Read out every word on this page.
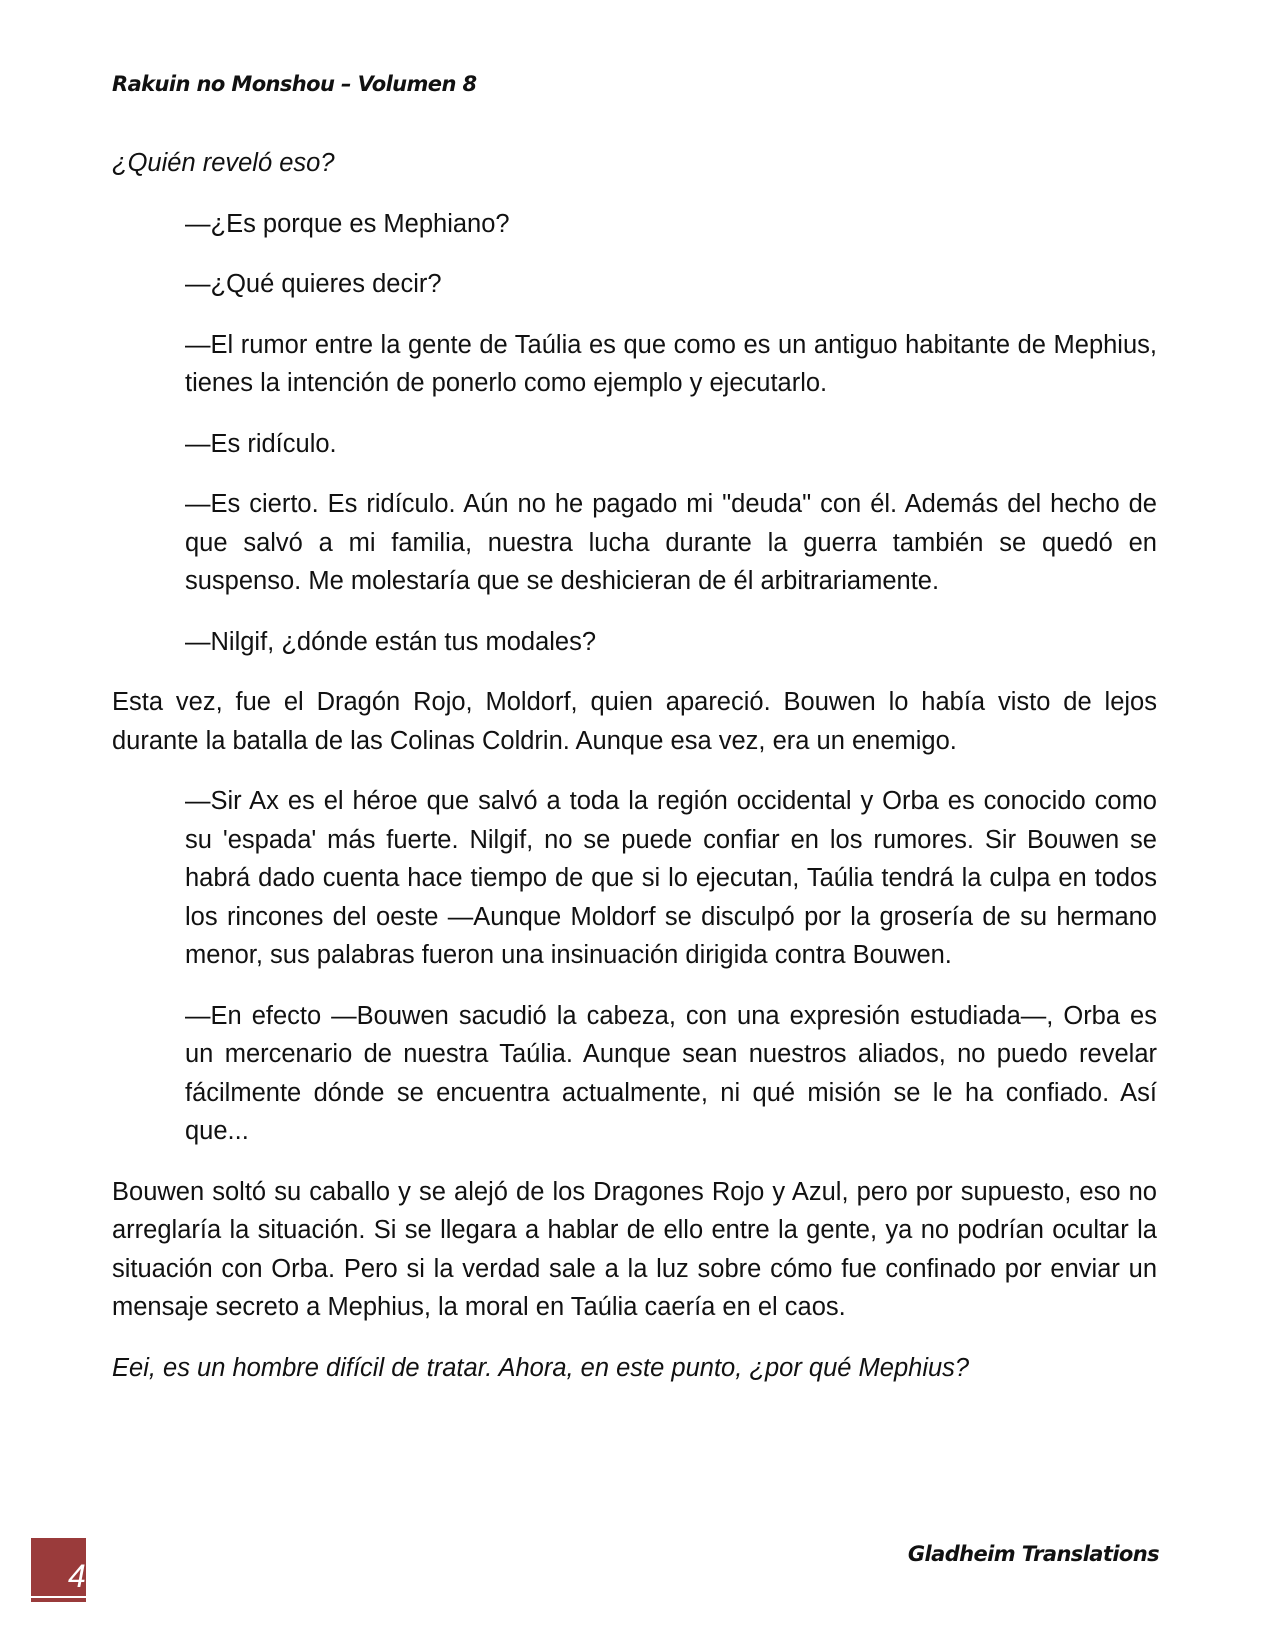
Rakuin no Monshou – Volumen 8

¿Quién reveló eso?

—¿Es porque es Mephiano?

—¿Qué quieres decir?

—El rumor entre la gente de Taúlia es que como es un antiguo habitante de Mephius, tienes la intención de ponerlo como ejemplo y ejecutarlo.

—Es ridículo.

—Es cierto. Es ridículo. Aún no he pagado mi "deuda" con él. Además del hecho de que salvó a mi familia, nuestra lucha durante la guerra también se quedó en suspenso. Me molestaría que se deshicieran de él arbitrariamente.

—Nilgif, ¿dónde están tus modales?

Esta vez, fue el Dragón Rojo, Moldorf, quien apareció. Bouwen lo había visto de lejos durante la batalla de las Colinas Coldrin. Aunque esa vez, era un enemigo.

—Sir Ax es el héroe que salvó a toda la región occidental y Orba es conocido como su 'espada' más fuerte. Nilgif, no se puede confiar en los rumores. Sir Bouwen se habrá dado cuenta hace tiempo de que si lo ejecutan, Taúlia tendrá la culpa en todos los rincones del oeste —Aunque Moldorf se disculpó por la grosería de su hermano menor, sus palabras fueron una insinuación dirigida contra Bouwen.

—En efecto —Bouwen sacudió la cabeza, con una expresión estudiada—, Orba es un mercenario de nuestra Taúlia. Aunque sean nuestros aliados, no puedo revelar fácilmente dónde se encuentra actualmente, ni qué misión se le ha confiado. Así que...

Bouwen soltó su caballo y se alejó de los Dragones Rojo y Azul, pero por supuesto, eso no arreglaría la situación. Si se llegara a hablar de ello entre la gente, ya no podrían ocultar la situación con Orba. Pero si la verdad sale a la luz sobre cómo fue confinado por enviar un mensaje secreto a Mephius, la moral en Taúlia caería en el caos.

Eei, es un hombre difícil de tratar. Ahora, en este punto, ¿por qué Mephius?

4
Gladheim Translations
